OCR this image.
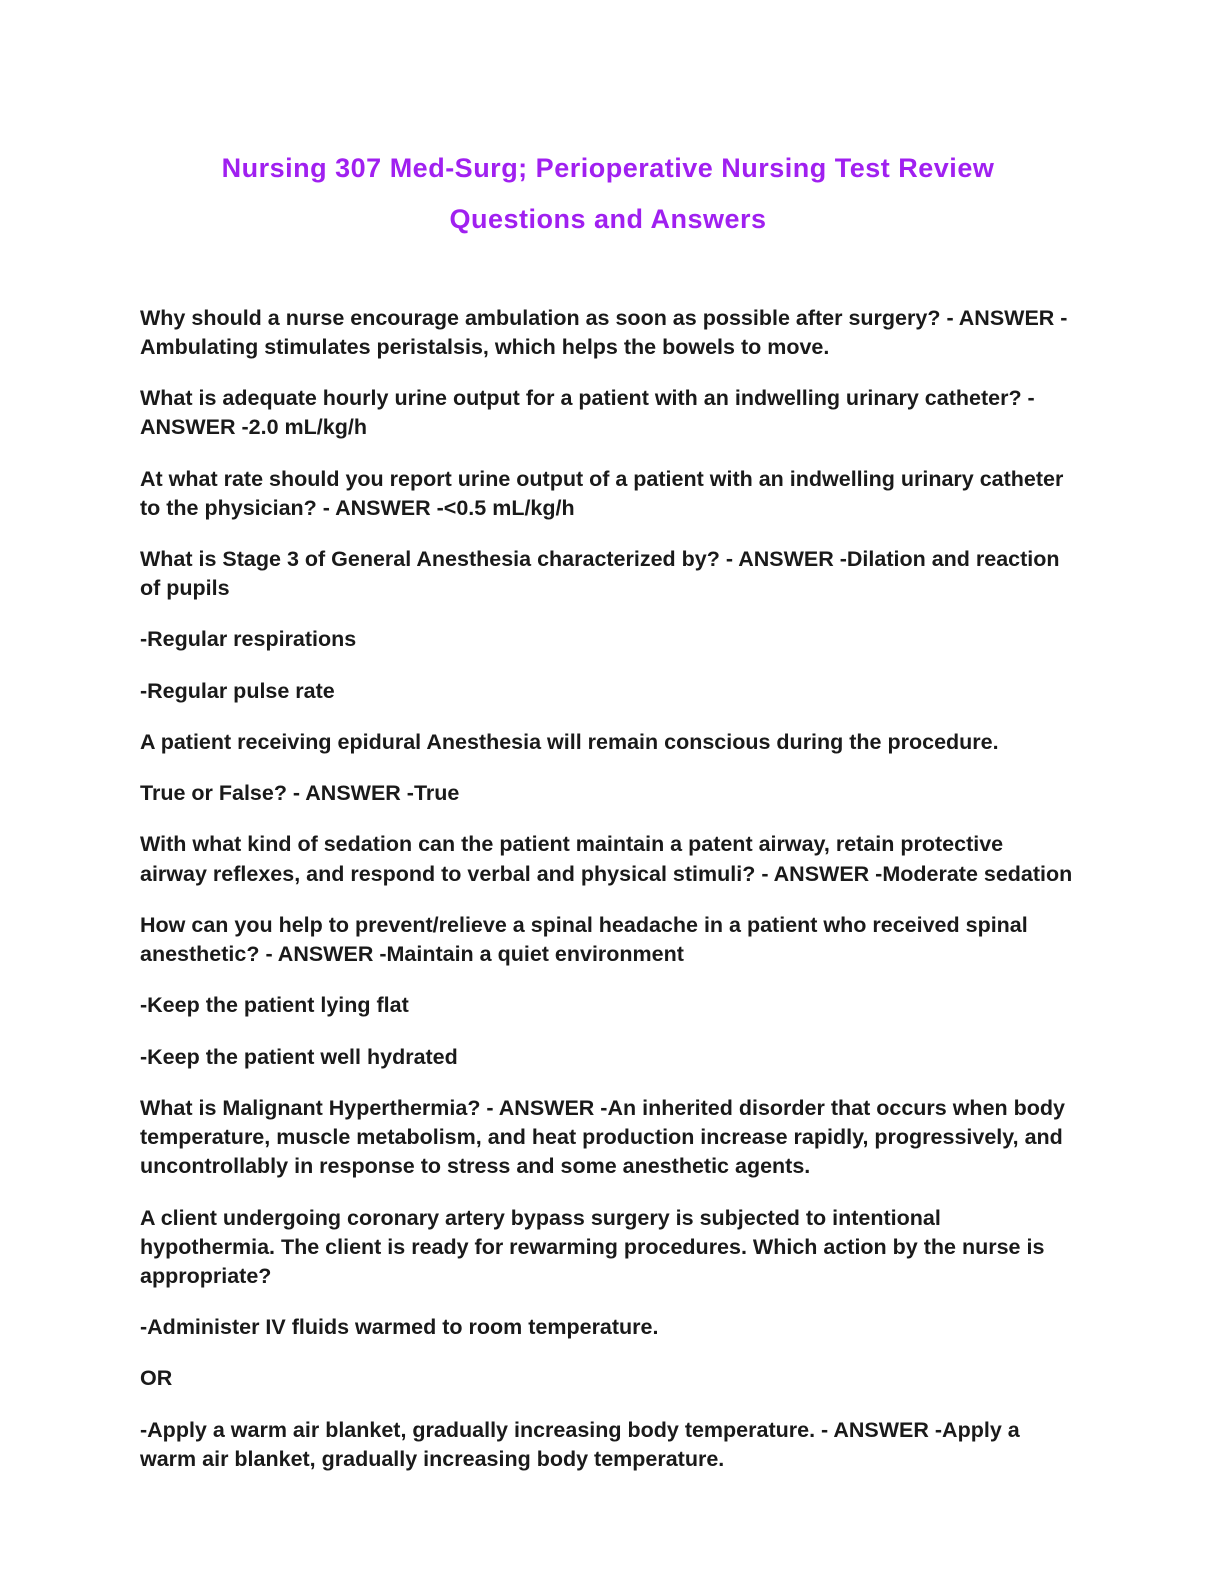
Nursing 307 Med-Surg; Perioperative Nursing Test Review
Questions and Answers

Why should a nurse encourage ambulation as soon as possible after surgery? - ANSWER -Ambulating stimulates peristalsis, which helps the bowels to move.

What is adequate hourly urine output for a patient with an indwelling urinary catheter? - ANSWER -2.0 mL/kg/h

At what rate should you report urine output of a patient with an indwelling urinary catheter to the physician? - ANSWER -<0.5 mL/kg/h

What is Stage 3 of General Anesthesia characterized by? - ANSWER -Dilation and reaction of pupils

-Regular respirations

-Regular pulse rate

A patient receiving epidural Anesthesia will remain conscious during the procedure.

True or False? - ANSWER -True

With what kind of sedation can the patient maintain a patent airway, retain protective airway reflexes, and respond to verbal and physical stimuli? - ANSWER -Moderate sedation

How can you help to prevent/relieve a spinal headache in a patient who received spinal anesthetic? - ANSWER -Maintain a quiet environment

-Keep the patient lying flat

-Keep the patient well hydrated

What is Malignant Hyperthermia? - ANSWER -An inherited disorder that occurs when body temperature, muscle metabolism, and heat production increase rapidly, progressively, and uncontrollably in response to stress and some anesthetic agents.

A client undergoing coronary artery bypass surgery is subjected to intentional hypothermia. The client is ready for rewarming procedures. Which action by the nurse is appropriate?

-Administer IV fluids warmed to room temperature.

OR

-Apply a warm air blanket, gradually increasing body temperature. - ANSWER -Apply a warm air blanket, gradually increasing body temperature.
